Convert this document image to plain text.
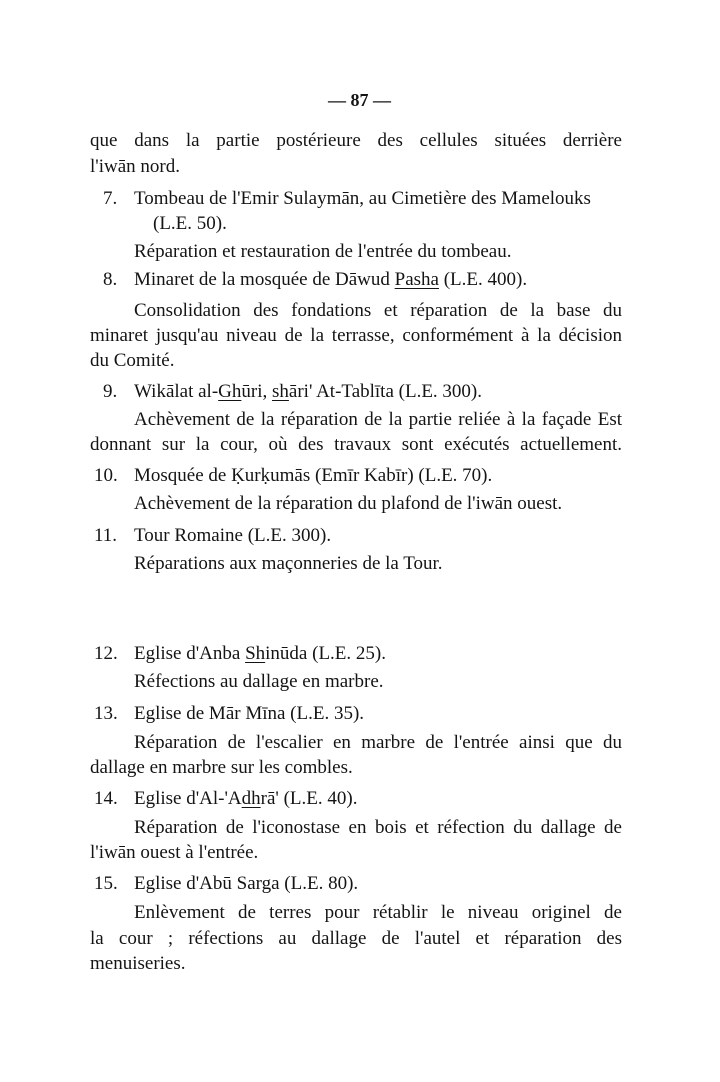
— 87 —
que dans la partie postérieure des cellules situées derrière
l'iwān nord.
7. Tombeau de l'Emir Sulaymān, au Cimetière des Mamelouks
(L.E. 50).
Réparation et restauration de l'entrée du tombeau.
8. Minaret de la mosquée de Dāwud Pasha (L.E. 400).
Consolidation des fondations et réparation de la base du
minaret jusqu'au niveau de la terrasse, conformément à la décision
du Comité.
9. Wikālat al-Ghūri, shāri' At-Tablīta (L.E. 300).
Achèvement de la réparation de la partie reliée à la façade Est
donnant sur la cour, où des travaux sont exécutés actuellement.
10. Mosquée de Ḳurḳumās (Emīr Kabīr) (L.E. 70).
Achèvement de la réparation du plafond de l'iwān ouest.
11. Tour Romaine (L.E. 300).
Réparations aux maçonneries de la Tour.
12. Eglise d'Anba Shinūda (L.E. 25).
Réfections au dallage en marbre.
13. Eglise de Mār Mīna (L.E. 35).
Réparation de l'escalier en marbre de l'entrée ainsi que du
dallage en marbre sur les combles.
14. Eglise d'Al-'Adhrā' (L.E. 40).
Réparation de l'iconostase en bois et réfection du dallage de
l'iwān ouest à l'entrée.
15. Eglise d'Abū Sarga (L.E. 80).
Enlèvement de terres pour rétablir le niveau originel de
la cour ; réfections au dallage de l'autel et réparation des
menuiseries.
